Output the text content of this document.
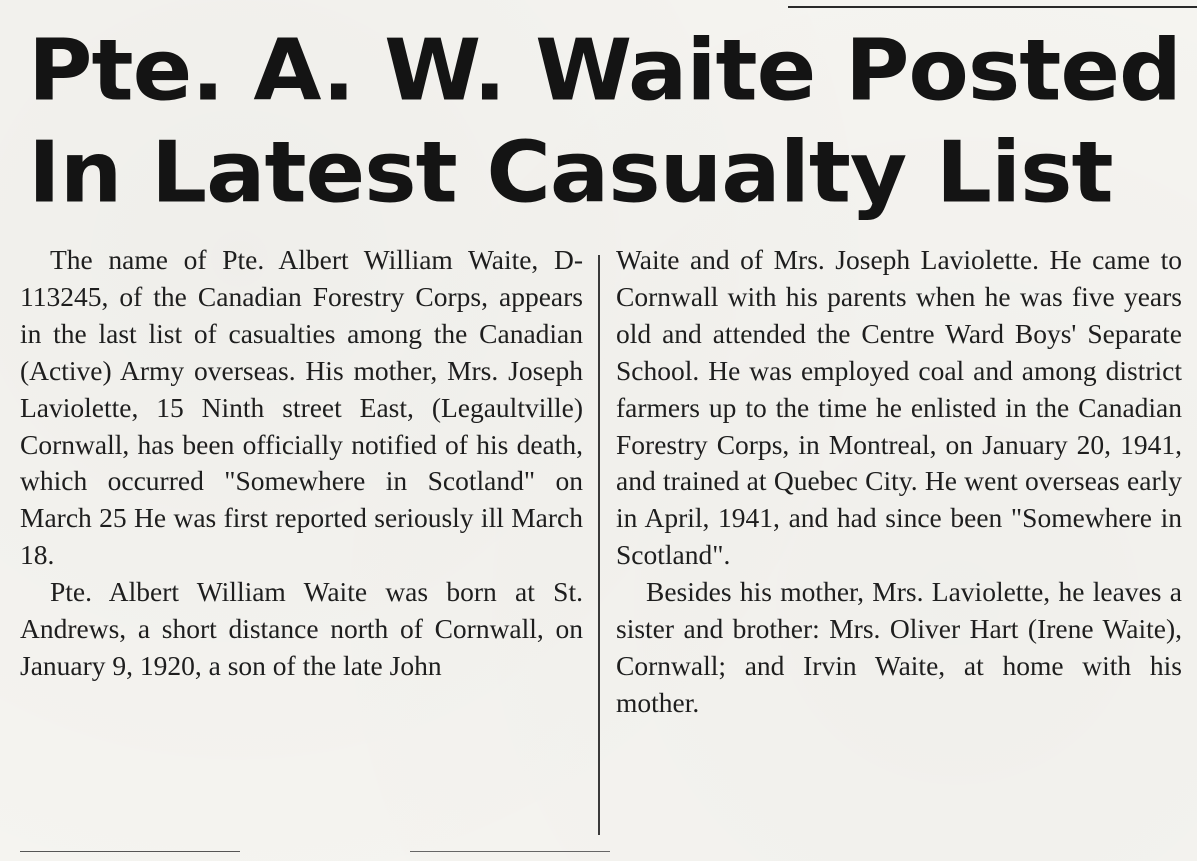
Pte. A. W. Waite Posted
In Latest Casualty List

The name of Pte. Albert William Waite, D-113245, of the Canadian Forestry Corps, appears in the last list of casualties among the Canadian (Active) Army overseas. His mother, Mrs. Joseph Laviolette, 15 Ninth street East, (Legaultville) Cornwall, has been officially notified of his death, which occurred "Somewhere in Scotland" on March 25 He was first reported seriously ill March 18.

Pte. Albert William Waite was born at St. Andrews, a short distance north of Cornwall, on January 9, 1920, a son of the late John

Waite and of Mrs. Joseph Laviolette. He came to Cornwall with his parents when he was five years old and attended the Centre Ward Boys' Separate School. He was employed coal and among district farmers up to the time he enlisted in the Canadian Forestry Corps, in Montreal, on January 20, 1941, and trained at Quebec City. He went overseas early in April, 1941, and had since been "Somewhere in Scotland".

Besides his mother, Mrs. Laviolette, he leaves a sister and brother: Mrs. Oliver Hart (Irene Waite), Cornwall; and Irvin Waite, at home with his mother.
